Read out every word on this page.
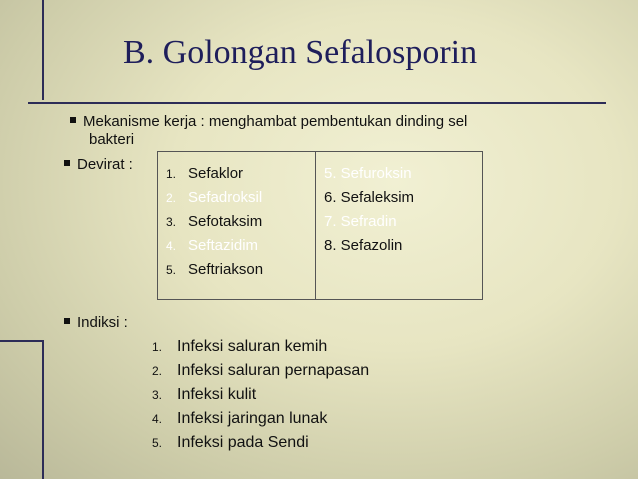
B. Golongan Sefalosporin
Mekanisme kerja : menghambat pembentukan dinding sel
bakteri
Devirat :
1. Sefaklor
2. Sefadroksil
3. Sefotaksim
4. Seftazidim
5. Seftriakson

5. Sefuroksin
6. Sefaleksim
7. Sefradin
8. Sefazolin
Indiksi :
1. Infeksi saluran kemih
2. Infeksi saluran pernapasan
3. Infeksi kulit
4. Infeksi jaringan lunak
5. Infeksi pada Sendi
